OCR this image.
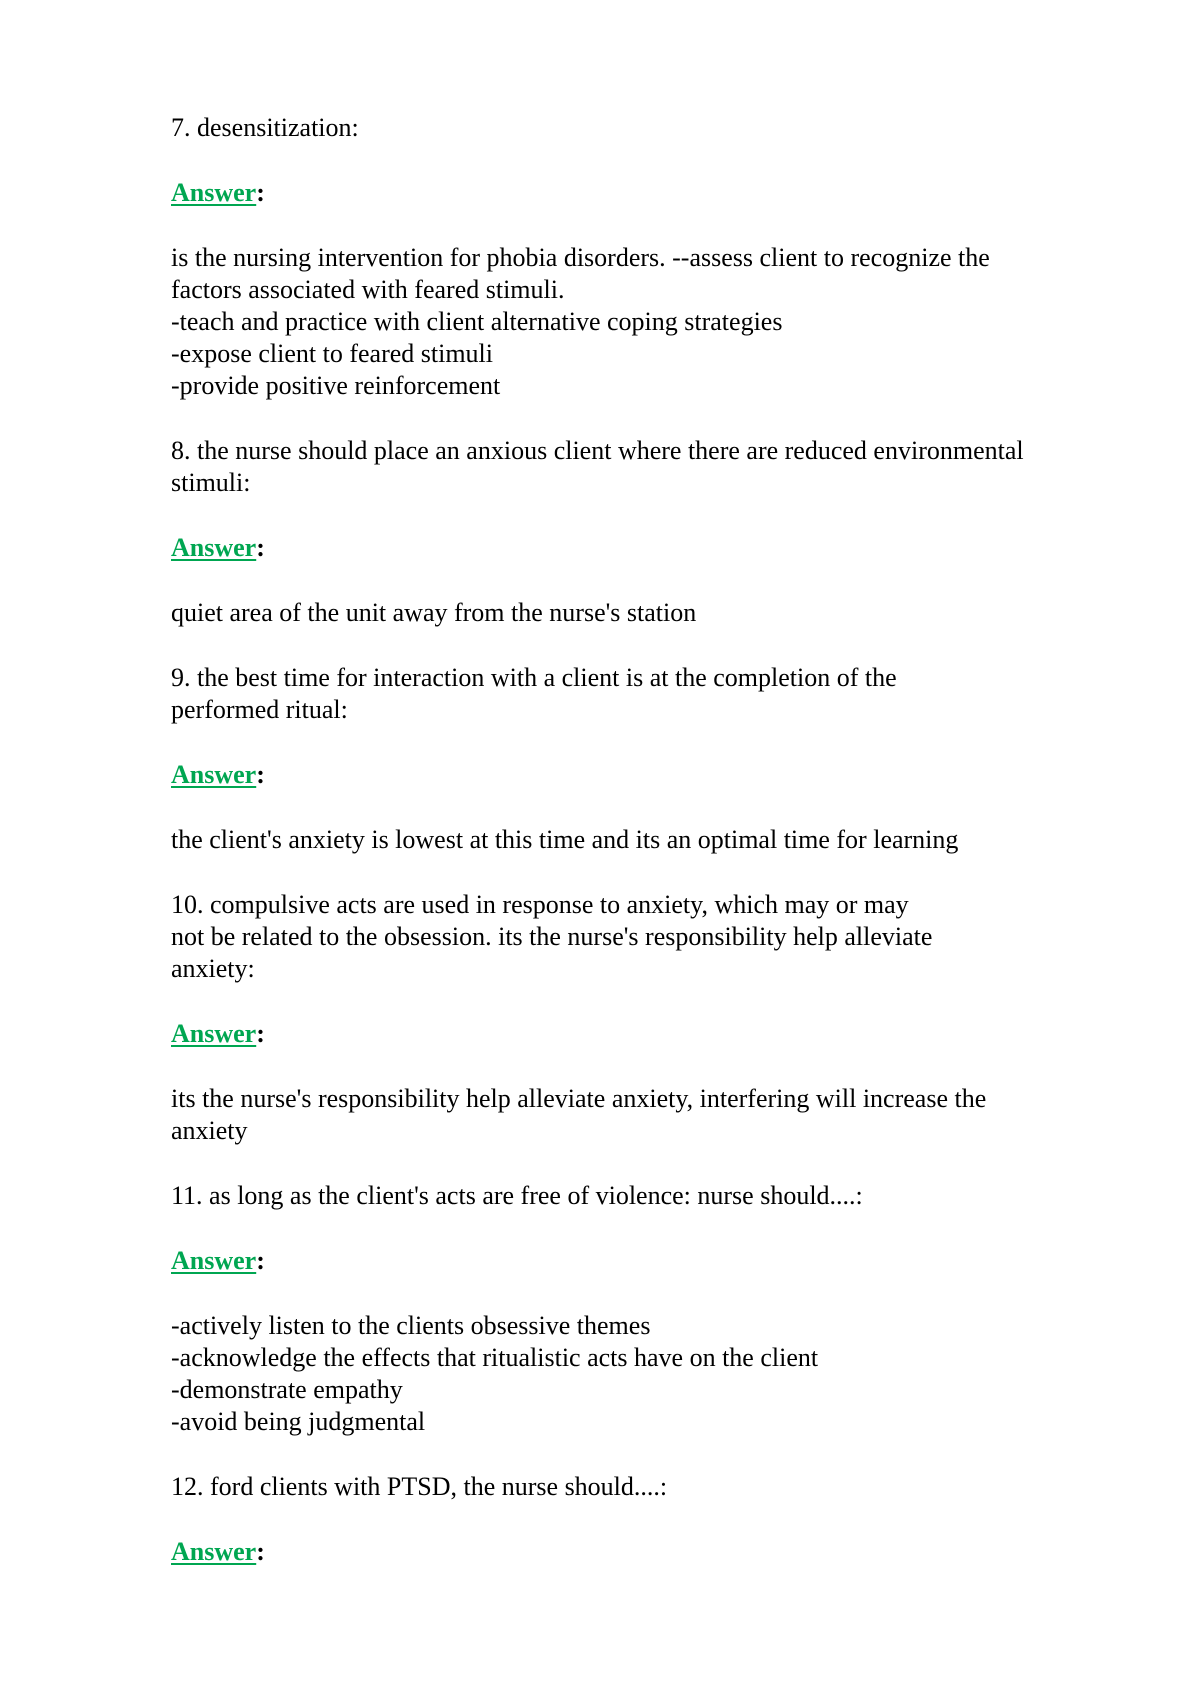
7. desensitization:

Answer:

is the nursing intervention for phobia disorders. --assess client to recognize the
factors associated with feared stimuli.
-teach and practice with client alternative coping strategies
-expose client to feared stimuli
-provide positive reinforcement

8. the nurse should place an anxious client where there are reduced environmental
stimuli:

Answer:

quiet area of the unit away from the nurse's station

9. the best time for interaction with a client is at the completion of the
performed ritual:

Answer:

the client's anxiety is lowest at this time and its an optimal time for learning

10. compulsive acts are used in response to anxiety, which may or may
not be related to the obsession. its the nurse's responsibility help alleviate
anxiety:

Answer:

its the nurse's responsibility help alleviate anxiety, interfering will increase the
anxiety

11. as long as the client's acts are free of violence: nurse should....:

Answer:

-actively listen to the clients obsessive themes
-acknowledge the effects that ritualistic acts have on the client
-demonstrate empathy
-avoid being judgmental

12. ford clients with PTSD, the nurse should....:

Answer:
